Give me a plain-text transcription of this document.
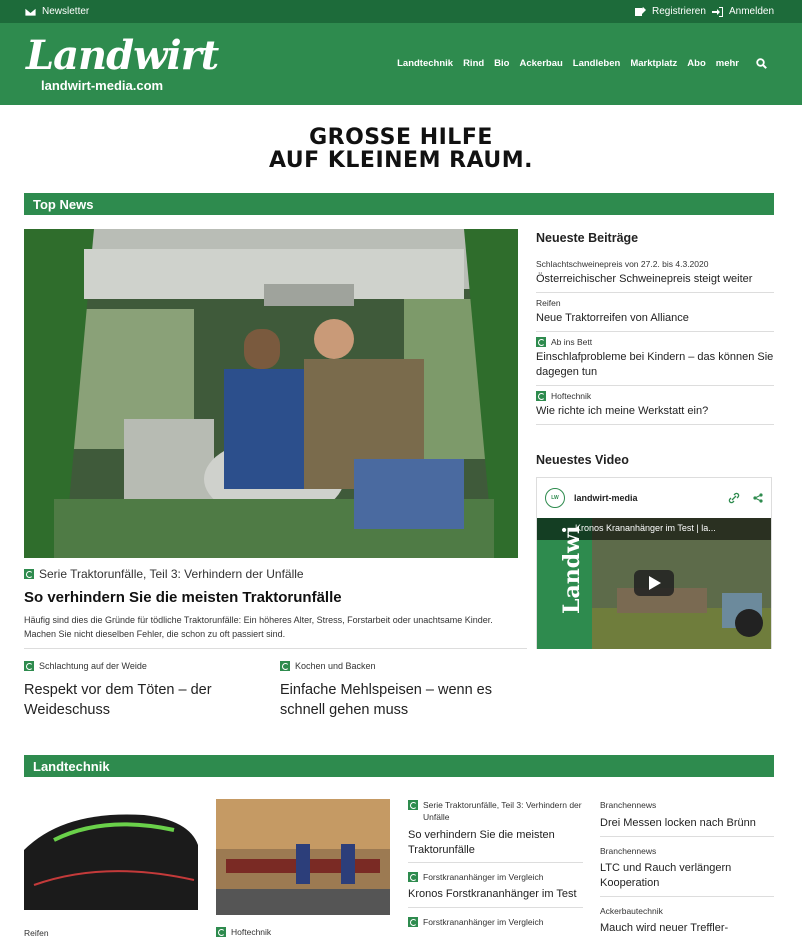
Newsletter	Registrieren Anmelden
Landwirt
landwirt-media.com
Landtechnik Rind Bio Ackerbau Landleben Marktplatz Abo mehr
GROSSE HILFE
AUF KLEINEM RAUM.
Top News
Serie Traktorunfälle, Teil 3: Verhindern der Unfälle
So verhindern Sie die meisten Traktorunfälle
Häufig sind dies die Gründe für tödliche Traktorunfälle: Ein höheres Alter, Stress, Forstarbeit oder unachtsame Kinder. Machen Sie nicht dieselben Fehler, die schon zu oft passiert sind.
Schlachtung auf der Weide
Respekt vor dem Töten – der Weideschuss
Kochen und Backen
Einfache Mehlspeisen – wenn es schnell gehen muss
Neueste Beiträge
Schlachtschweinepreis von 27.2. bis 4.3.2020
Österreichischer Schweinepreis steigt weiter
Reifen
Neue Traktorreifen von Alliance
Ab ins Bett
Einschlafprobleme bei Kindern – das können Sie dagegen tun
Hoftechnik
Wie richte ich meine Werkstatt ein?
Neuestes Video
LW	landwirt-media
Landwi
Kronos Krananhänger im Test | la...
Landtechnik
Reifen	Hoftechnik
Serie Traktorunfälle, Teil 3: Verhindern der Unfälle
So verhindern Sie die meisten Traktorunfälle
Forstkrananhänger im Vergleich
Kronos Forstkrananhänger im Test
Forstkrananhänger im Vergleich
Branchennews
Drei Messen locken nach Brünn
Branchennews
LTC und Rauch verlängern Kooperation
Ackerbautechnik
Mauch wird neuer Treffler-
